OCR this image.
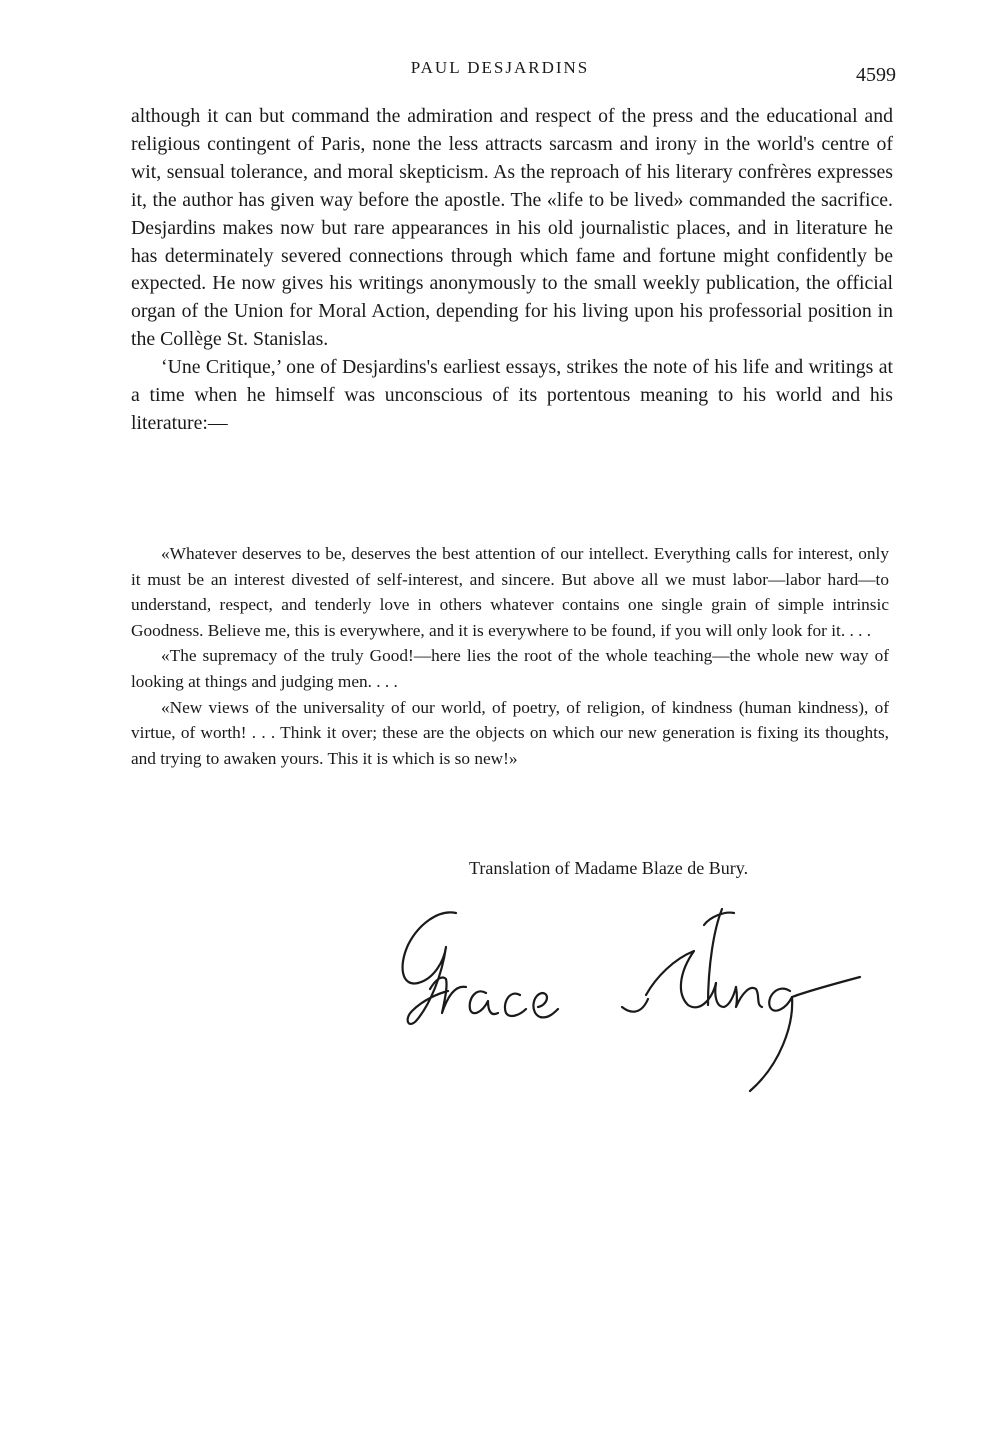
PAUL DESJARDINS	4599

although it can but command the admiration and respect of the press and the educational and religious contingent of Paris, none the less attracts sarcasm and irony in the world's centre of wit, sensual tolerance, and moral skepticism. As the reproach of his literary confrères expresses it, the author has given way before the apostle. The «life to be lived» commanded the sacrifice. Desjardins makes now but rare appearances in his old journalistic places, and in literature he has determinately severed connections through which fame and fortune might confidently be expected. He now gives his writings anonymously to the small weekly publication, the official organ of the Union for Moral Action, depending for his living upon his professorial position in the Collège St. Stanislas.

‘Une Critique,’ one of Desjardins's earliest essays, strikes the note of his life and writings at a time when he himself was unconscious of its portentous meaning to his world and his literature:—

«Whatever deserves to be, deserves the best attention of our intellect. Everything calls for interest, only it must be an interest divested of self-interest, and sincere. But above all we must labor—labor hard—to understand, respect, and tenderly love in others whatever contains one single grain of simple intrinsic Goodness. Believe me, this is everywhere, and it is everywhere to be found, if you will only look for it. . . .

«The supremacy of the truly Good!—here lies the root of the whole teaching—the whole new way of looking at things and judging men. . . .

«New views of the universality of our world, of poetry, of religion, of kindness (human kindness), of virtue, of worth! . . . Think it over; these are the objects on which our new generation is fixing its thoughts, and trying to awaken yours. This it is which is so new!»

Translation of Madame Blaze de Bury.
